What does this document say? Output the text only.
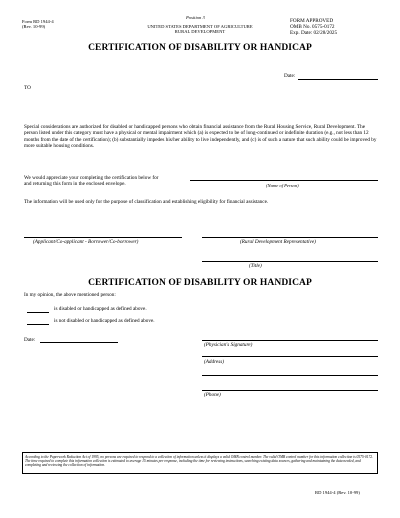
Position 3
Form RD 1944-4
(Rev. 10-99)	UNITED STATES DEPARTMENT OF AGRICULTURE
RURAL DEVELOPMENT
FORM APPROVED
OMB No. 0575-0172
Exp. Date: 02/28/2025
CERTIFICATION OF DISABILITY OR HANDICAP
Date:
TO
Special considerations are authorized for disabled or handicapped persons who obtain financial assistance from the Rural Housing Service, Rural Development. The person listed under this category must have a physical or mental impairment which (a) is expected to be of long-continued or indefinite duration (e.g., not less than 12 months from the date of the certification); (b) substantially impedes his/her ability to live independently, and (c) is of such a nature that such ability could be improved by more suitable housing conditions.
We would appreciate your completing the certification below for
and returning this form in the enclosed envelope.	(Name of Person)
The information will be used only for the purpose of classification and establishing eligibility for financial assistance.
(Applicant/Co-applicant - Borrower/Co-borrower)	(Rural Development Representative)
(Title)
CERTIFICATION OF DISABILITY OR HANDICAP
In my opinion, the above mentioned person:
is disabled or handicapped as defined above.
is not disabled or handicapped as defined above.
Date:
(Physician's Signature)
(Address)
(Phone)
According to the Paperwork Reduction Act of 1995, no persons are required to respond to a collection of information unless it displays a valid OMB control number. The valid OMB control number for this information collection is 0575-0172. The time required to complete this information collection is estimated to average 15 minutes per response, including the time for reviewing instructions, searching existing data sources, gathering and maintaining the data needed, and completing and reviewing the collection of information.
RD 1944-4 (Rev. 10-99)
